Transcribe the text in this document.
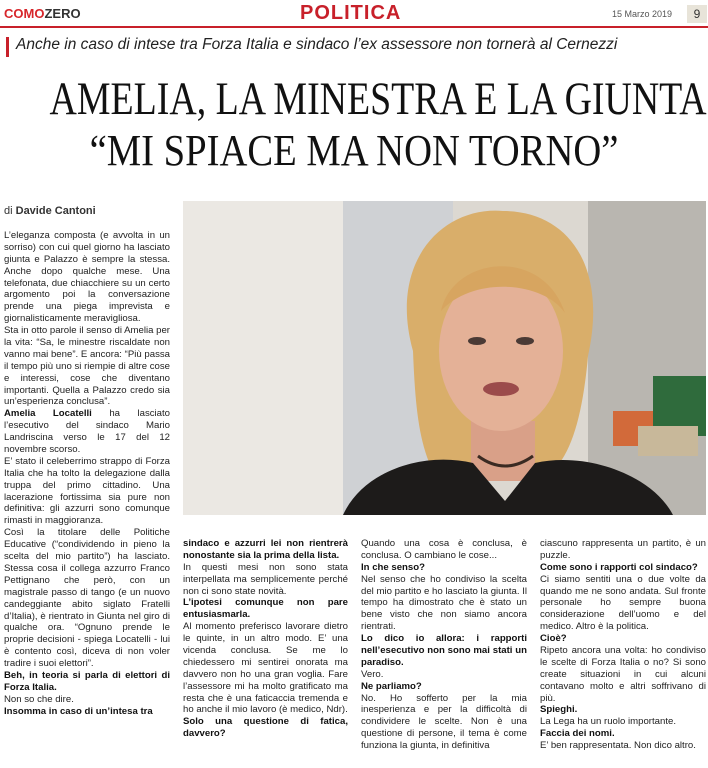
COMOZERO	POLITICA	15 Marzo 2019	9
Anche in caso di intese tra Forza Italia e sindaco l’ex assessore non tornerà al Cernezzi
AMELIA, LA MINESTRA E LA GIUNTA
“MI SPIACE MA NON TORNO”
di Davide Cantoni

L’eleganza composta (e avvolta in un sorriso) con cui quel giorno ha lasciato giunta e Palazzo è sempre la stessa. Anche dopo qualche mese. Una telefonata, due chiacchiere su un certo argomento poi la conversazione prende una piega imprevista e giornalisticamente meravigliosa.

Sta in otto parole il senso di Amelia per la vita: “Sa, le minestre riscaldate non vanno mai bene”. E ancora: “Più passa il tempo più uno si riempie di altre cose e interessi, cose che diventano importanti. Quella a Palazzo credo sia un’esperienza conclusa”.

Amelia Locatelli ha lasciato l’esecutivo del sindaco Mario Landriscina verso le 17 del 12 novembre scorso.

E’ stato il celeberrimo strappo di Forza Italia che ha tolto la delegazione dalla truppa del primo cittadino. Una lacerazione fortissima sia pure non definitiva: gli azzurri sono comunque rimasti in maggioranza.

Così la titolare delle Politiche Educative (“condividendo in pieno la scelta del mio partito”) ha lasciato. Stessa cosa il collega azzurro Franco Pettignano che però, con un magistrale passo di tango (e un nuovo candeggiante abito siglato Fratelli d’Italia), è rientrato in Giunta nel giro di qualche ora. “Ognuno prende le proprie decisioni - spiega Locatelli - lui è contento così, diceva di non voler tradire i suoi elettori”.

Beh, in teoria si parla di elettori di Forza Italia.

Non so che dire.

Insomma in caso di un’intesa tra

sindaco e azzurri lei non rientrerà nonostante sia la prima della lista.

In questi mesi non sono stata interpellata ma semplicemente perché non ci sono state novità.

L’ipotesi comunque non pare entusiasmarla.

Al momento preferisco lavorare dietro le quinte, in un altro modo. E’ una vicenda conclusa. Se me lo chiedessero mi sentirei onorata ma davvero non ho una gran voglia. Fare l’assessore mi ha molto gratificato ma resta che è una faticaccia tremenda e ho anche il mio lavoro (è medico, Ndr).

Solo una questione di fatica, davvero?

Quando una cosa è conclusa, è conclusa. O cambiano le cose...

In che senso?

Nel senso che ho condiviso la scelta del mio partito e ho lasciato la giunta. Il tempo ha dimostrato che è stato un bene visto che non siamo ancora rientrati.

Lo dico io allora: i rapporti nell’esecutivo non sono mai stati un paradiso.

Vero.

Ne parliamo?

No. Ho sofferto per la mia inesperienza e per la difficoltà di condividere le scelte. Non è una questione di persone, il tema è come funziona la giunta, in definitiva

ciascuno rappresenta un partito, è un puzzle.

Come sono i rapporti col sindaco?

Ci siamo sentiti una o due volte da quando me ne sono andata. Sul fronte personale ho sempre buona considerazione dell’uomo e del medico. Altro è la politica.

Cioè?

Ripeto ancora una volta: ho condiviso le scelte di Forza Italia o no? Si sono create situazioni in cui alcuni contavano molto e altri soffrivano di più.

Spieghi.

La Lega ha un ruolo importante.

Faccia dei nomi.

E’ ben rappresentata. Non dico altro.
